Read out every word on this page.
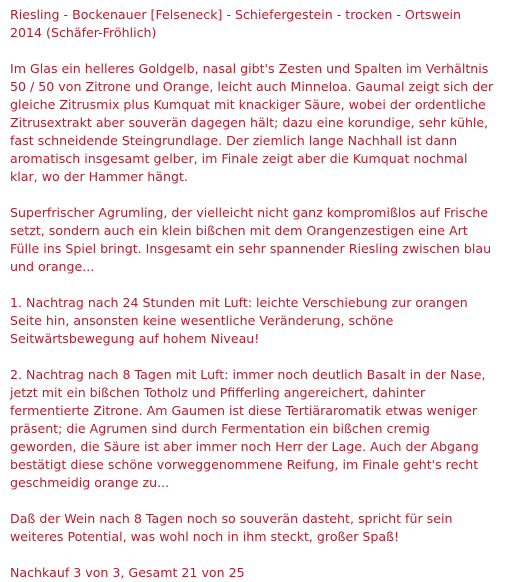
Riesling - Bockenauer [Felseneck] - Schiefergestein - trocken - Ortswein 2014 (Schäfer-Fröhlich)

Im Glas ein helleres Goldgelb, nasal gibt's Zesten und Spalten im Verhältnis 50 / 50 von Zitrone und Orange, leicht auch Minneloa. Gaumal zeigt sich der gleiche Zitrusmix plus Kumquat mit knackiger Säure, wobei der ordentliche Zitrusextrakt aber souverän dagegen hält; dazu eine korundige, sehr kühle, fast schneidende Steingrundlage. Der ziemlich lange Nachhall ist dann aromatisch insgesamt gelber, im Finale zeigt aber die Kumquat nochmal klar, wo der Hammer hängt.

Superfrischer Agrumling, der vielleicht nicht ganz kompromißlos auf Frische setzt, sondern auch ein klein bißchen mit dem Orangenzestigen eine Art Fülle ins Spiel bringt. Insgesamt ein sehr spannender Riesling zwischen blau und orange...

1. Nachtrag nach 24 Stunden mit Luft: leichte Verschiebung zur orangen Seite hin, ansonsten keine wesentliche Veränderung, schöne Seitwärtsbewegung auf hohem Niveau!

2. Nachtrag nach 8 Tagen mit Luft: immer noch deutlich Basalt in der Nase, jetzt mit ein bißchen Totholz und Pfifferling angereichert, dahinter fermentierte Zitrone. Am Gaumen ist diese Tertiäraromatik etwas weniger präsent; die Agrumen sind durch Fermentation ein bißchen cremig geworden, die Säure ist aber immer noch Herr der Lage. Auch der Abgang bestätigt diese schöne vorweggenommene Reifung, im Finale geht's recht geschmeidig orange zu...

Daß der Wein nach 8 Tagen noch so souverän dasteht, spricht für sein weiteres Potential, was wohl noch in ihm steckt, großer Spaß!

Nachkauf 3 von 3, Gesamt 21 von 25
